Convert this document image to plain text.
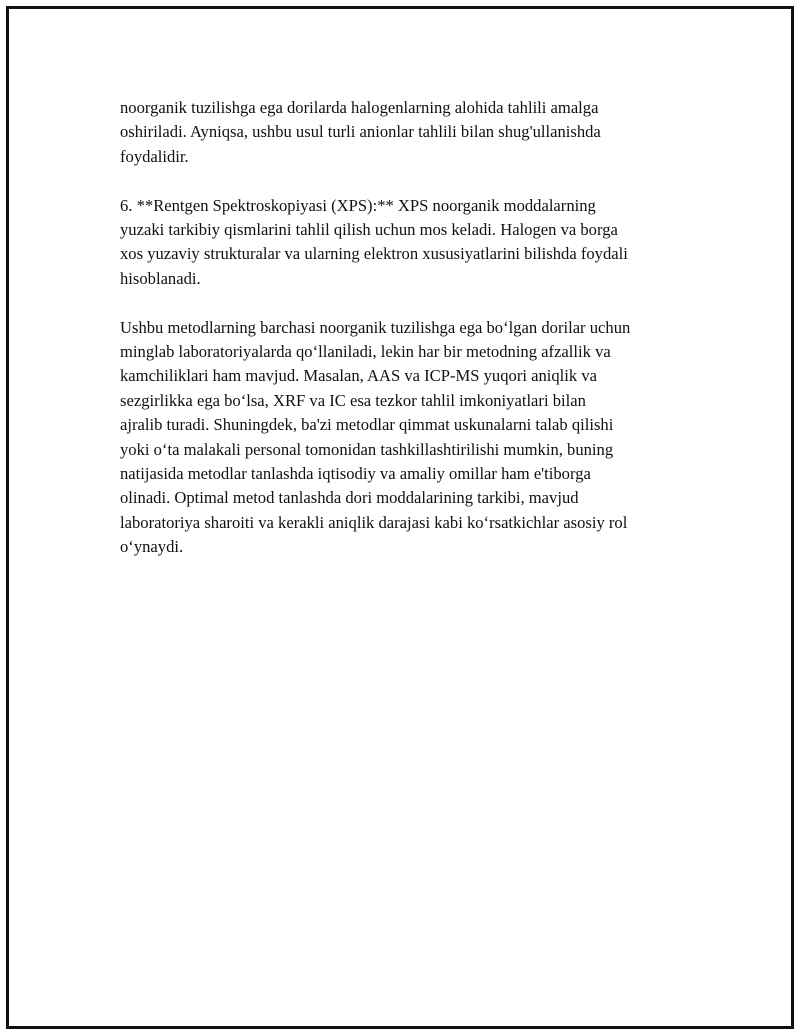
noorganik tuzilishga ega dorilarda halogenlarning alohida tahlili amalga
oshiriladi. Ayniqsa, ushbu usul turli anionlar tahlili bilan shug'ullanishda
foydalidir.

6. **Rentgen Spektroskopiyasi (XPS):** XPS noorganik moddalarning
yuzaki tarkibiy qismlarini tahlil qilish uchun mos keladi. Halogen va borga
xos yuzaviy strukturalar va ularning elektron xususiyatlarini bilishda foydali
hisoblanadi.

Ushbu metodlarning barchasi noorganik tuzilishga ega bo‘lgan dorilar uchun
minglab laboratoriyalarda qo‘llaniladi, lekin har bir metodning afzallik va
kamchiliklari ham mavjud. Masalan, AAS va ICP-MS yuqori aniqlik va
sezgirlikka ega bo‘lsa, XRF va IC esa tezkor tahlil imkoniyatlari bilan
ajralib turadi. Shuningdek, ba'zi metodlar qimmat uskunalarni talab qilishi
yoki o‘ta malakali personal tomonidan tashkillashtirilishi mumkin, buning
natijasida metodlar tanlashda iqtisodiy va amaliy omillar ham e'tiborga
olinadi. Optimal metod tanlashda dori moddalarining tarkibi, mavjud
laboratoriya sharoiti va kerakli aniqlik darajasi kabi ko‘rsatkichlar asosiy rol
o‘ynaydi.
